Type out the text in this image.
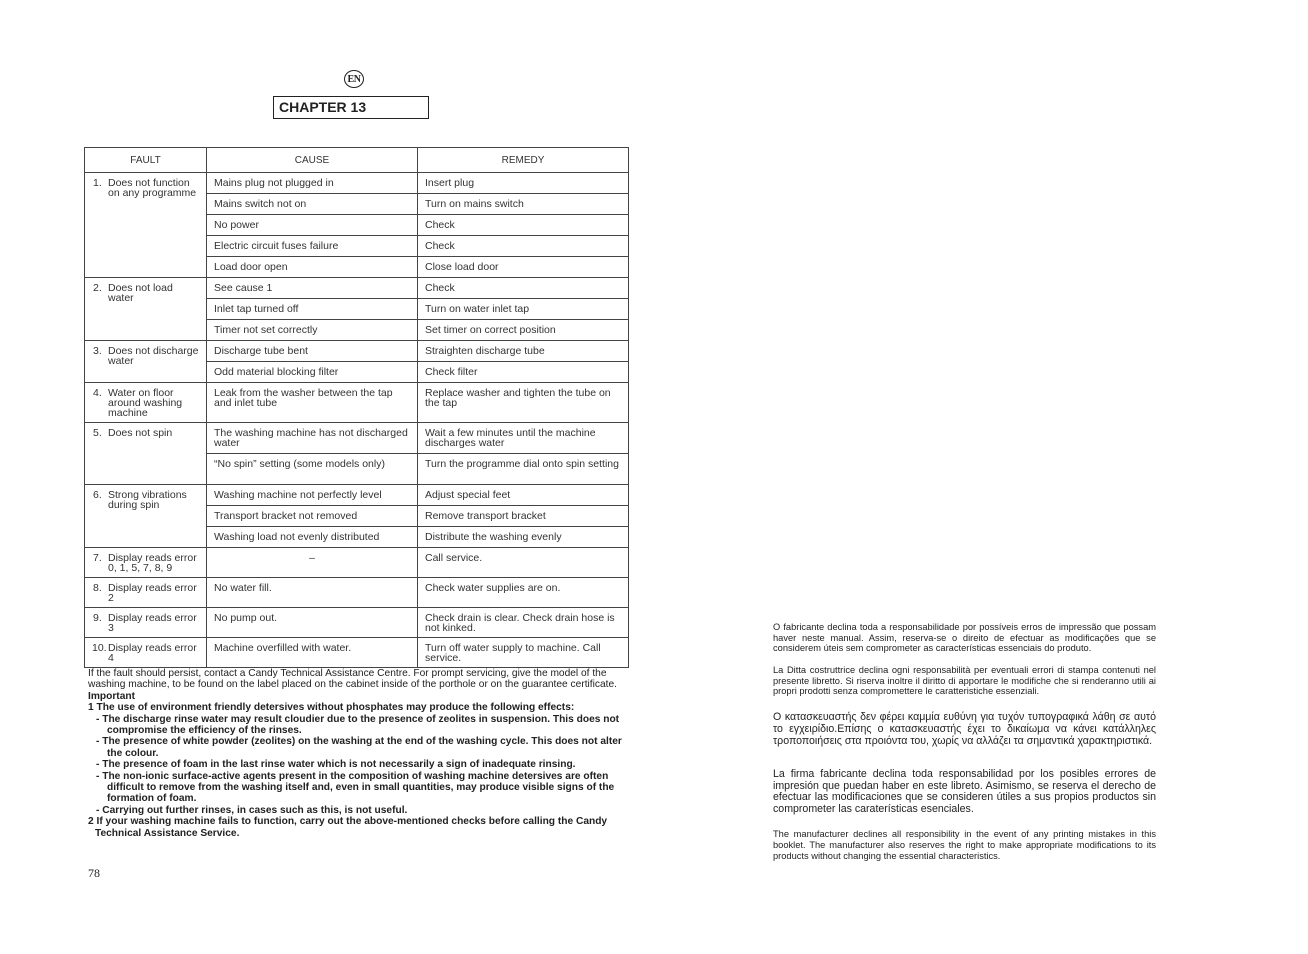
EN
CHAPTER 13
FAULT	CAUSE	REMEDY

1. Does not function on any programme	Mains plug not plugged in	Insert plug
	Mains switch not on	Turn on mains switch
	No power	Check
	Electric circuit fuses failure	Check
	Load door open	Close load door

2. Does not load water	See cause 1	Check
	Inlet tap turned off	Turn on water inlet tap
	Timer not set correctly	Set timer on correct position

3. Does not discharge water	Discharge tube bent	Straighten discharge tube
	Odd material blocking filter	Check filter

4. Water on floor around washing machine	Leak from the washer between the tap and inlet tube	Replace washer and tighten the tube on the tap

5. Does not spin	The washing machine has not discharged water	Wait a few minutes until the machine discharges water
	“No spin” setting (some models only)	Turn the programme dial onto spin setting

6. Strong vibrations during spin	Washing machine not perfectly level	Adjust special feet
	Transport bracket not removed	Remove transport bracket
	Washing load not evenly distributed	Distribute the washing evenly

7. Display reads error 0, 1, 5, 7, 8, 9	–	Call service.

8. Display reads error 2	No water fill.	Check water supplies are on.

9. Display reads error 3	No pump out.	Check drain is clear. Check drain hose is not kinked.

10. Display reads error 4	Machine overfilled with water.	Turn off water supply to machine. Call service.

If the fault should persist, contact a Candy Technical Assistance Centre. For prompt servicing, give the model of the washing machine, to be found on the label placed on the cabinet inside of the porthole or on the guarantee certificate.

Important

1 The use of environment friendly detersives without phosphates may produce the following effects:

- The discharge rinse water may result cloudier due to the presence of zeolites in suspension. This does not compromise the efficiency of the rinses.

- The presence of white powder (zeolites) on the washing at the end of the washing cycle. This does not alter the colour.

- The presence of foam in the last rinse water which is not necessarily a sign of inadequate rinsing.

- The non-ionic surface-active agents present in the composition of washing machine detersives are often difficult to remove from the washing itself and, even in small quantities, may produce visible signs of the formation of foam.

- Carrying out further rinses, in cases such as this, is not useful.

2 If your washing machine fails to function, carry out the above-mentioned checks before calling the Candy Technical Assistance Service.

78

O fabricante declina toda a responsabilidade por possíveis erros de impressão que possam haver neste manual. Assim, reserva-se o direito de efectuar as modificações que se considerem úteis sem comprometer as características essenciais do produto.

La Ditta costruttrice declina ogni responsabilità per eventuali errori di stampa contenuti nel presente libretto. Si riserva inoltre il diritto di apportare le modifiche che si renderanno utili ai propri prodotti senza compromettere le caratteristiche essenziali.

Ο κατασκευαστής δεν φέρει καμμία ευθύνη για τυχόν τυπογραφικά λάθη σε αυτό το εγχειρίδιο.Επίσης ο κατασκευαστής έχει το δικαίωμα να κάνει κατάλληλες τροποποιήσεις στα προιόντα του, χωρίς να αλλάζει τα σημαντικά χαρακτηριστικά.

La firma fabricante declina toda responsabilidad por los posibles errores de impresión que puedan haber en este libreto. Asimismo, se reserva el derecho de efectuar las modificaciones que se consideren útiles a sus propios productos sin comprometer las caraterísticas esenciales.

The manufacturer declines all responsibility in the event of any printing mistakes in this booklet. The manufacturer also reserves the right to make appropriate modifications to its products without changing the essential characteristics.
